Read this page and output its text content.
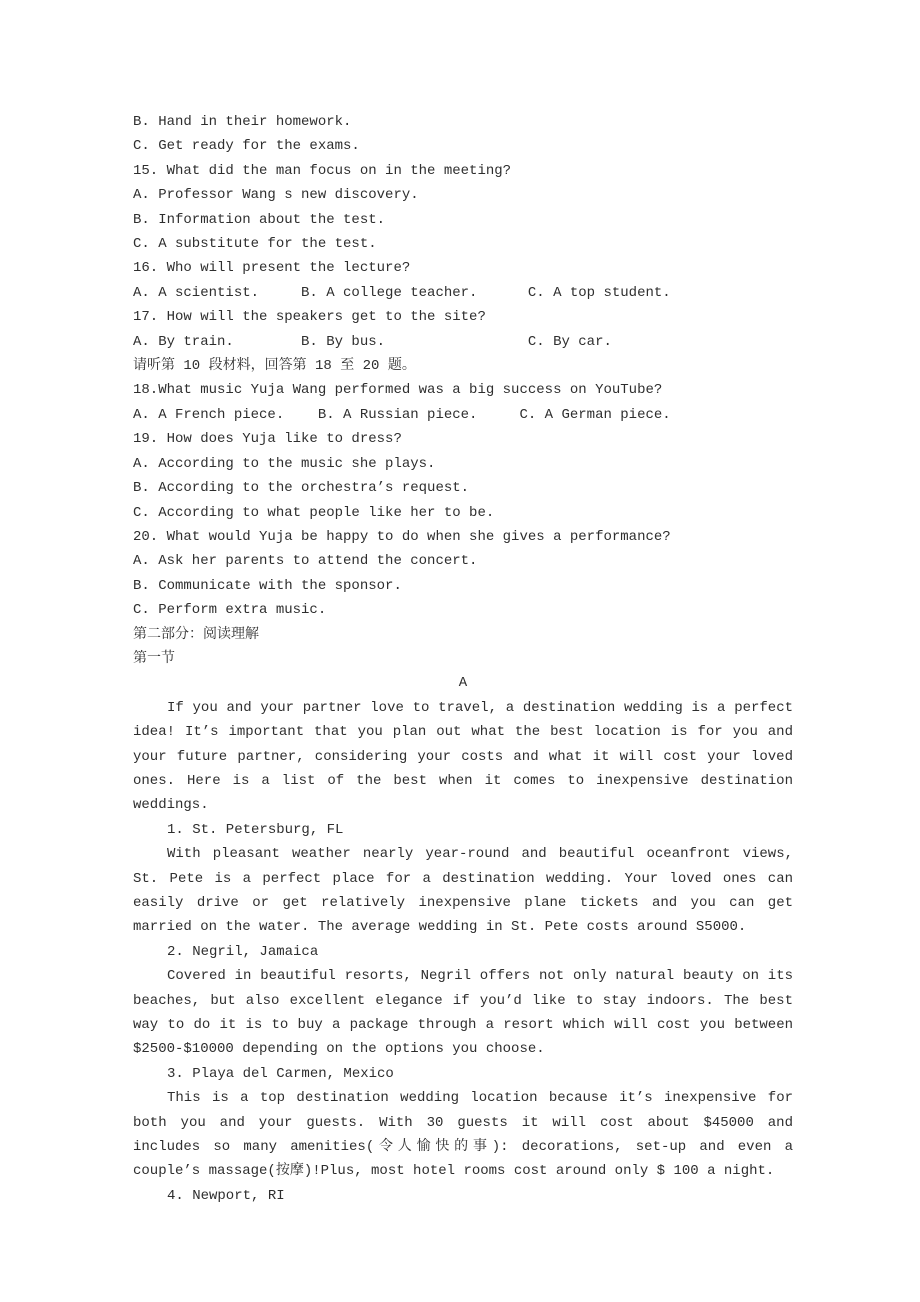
B. Hand in their homework.
C. Get ready for the exams.
15. What did the man focus on in the meeting?
A. Professor Wang s new discovery.
B. Information about the test.
C. A substitute for the test.
16. Who will present the lecture?
A. A scientist.     B. A college teacher.      C. A top student.
17. How will the speakers get to the site?
A. By train.        B. By bus.                 C. By car.
请听第 10 段材料，回答第 18 至 20 题。
18.What music Yuja Wang performed was a big success on YouTube?
A. A French piece.    B. A Russian piece.     C. A German piece.
19. How does Yuja like to dress?
A. According to the music she plays.
B. According to the orchestra’s request.
C. According to what people like her to be.
20. What would Yuja be happy to do when she gives a performance?
A. Ask her parents to attend the concert.
B. Communicate with the sponsor.
C. Perform extra music.
第二部分：阅读理解
第一节
A
If you and your partner love to travel, a destination wedding is a perfect idea! It’s important that you plan out what the best location is for you and your future partner, considering your costs and what it will cost your loved ones. Here is a list of the best when it comes to inexpensive destination weddings.
1. St. Petersburg, FL
With pleasant weather nearly year-round and beautiful oceanfront views, St. Pete is a perfect place for a destination wedding. Your loved ones can easily drive or get relatively inexpensive plane tickets and you can get married on the water. The average wedding in St. Pete costs around S5000.
2. Negril, Jamaica
Covered in beautiful resorts, Negril offers not only natural beauty on its beaches, but also excellent elegance if you’d like to stay indoors. The best way to do it is to buy a package through a resort which will cost you between $2500-$10000 depending on the options you choose.
3. Playa del Carmen, Mexico
This is a top destination wedding location because it’s inexpensive for both you and your guests. With 30 guests it will cost about $45000 and includes so many amenities(令人愉快的事): decorations, set-up and even a couple’s massage(按摩)!Plus, most hotel rooms cost around only $ 100 a night.
4. Newport, RI
